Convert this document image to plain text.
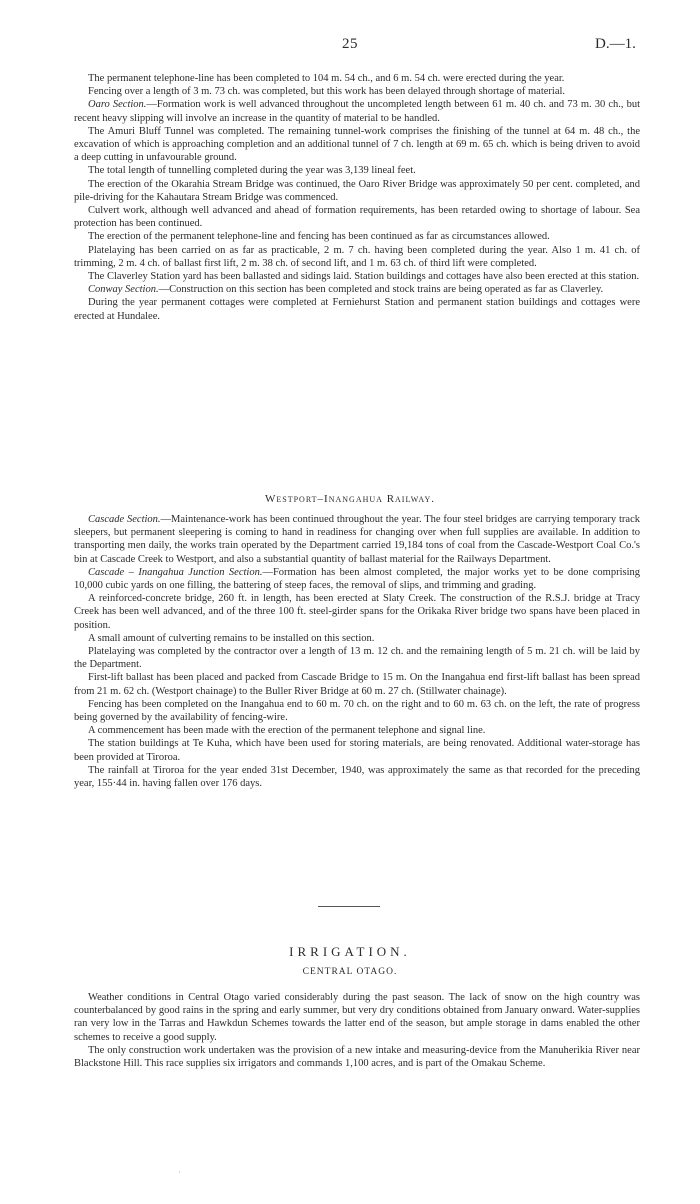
25	D.—1.

The permanent telephone-line has been completed to 104 m. 54 ch., and 6 m. 54 ch. were erected during the year.

Fencing over a length of 3 m. 73 ch. was completed, but this work has been delayed through shortage of material.

Oaro Section.—Formation work is well advanced throughout the uncompleted length between 61 m. 40 ch. and 73 m. 30 ch., but recent heavy slipping will involve an increase in the quantity of material to be handled.

The Amuri Bluff Tunnel was completed. The remaining tunnel-work comprises the finishing of the tunnel at 64 m. 48 ch., the excavation of which is approaching completion and an additional tunnel of 7 ch. length at 69 m. 65 ch. which is being driven to avoid a deep cutting in unfavourable ground.

The total length of tunnelling completed during the year was 3,139 lineal feet.

The erection of the Okarahia Stream Bridge was continued, the Oaro River Bridge was approximately 50 per cent. completed, and pile-driving for the Kahautara Stream Bridge was commenced.

Culvert work, although well advanced and ahead of formation requirements, has been retarded owing to shortage of labour. Sea protection has been continued.

The erection of the permanent telephone-line and fencing has been continued as far as circumstances allowed.

Platelaying has been carried on as far as practicable, 2 m. 7 ch. having been completed during the year. Also 1 m. 41 ch. of trimming, 2 m. 4 ch. of ballast first lift, 2 m. 38 ch. of second lift, and 1 m. 63 ch. of third lift were completed.

The Claverley Station yard has been ballasted and sidings laid. Station buildings and cottages have also been erected at this station.

Conway Section.—Construction on this section has been completed and stock trains are being operated as far as Claverley.

During the year permanent cottages were completed at Ferniehurst Station and permanent station buildings and cottages were erected at Hundalee.

Westport–Inangahua Railway.

Cascade Section.—Maintenance-work has been continued throughout the year. The four steel bridges are carrying temporary track sleepers, but permanent sleepering is coming to hand in readiness for changing over when full supplies are available. In addition to transporting men daily, the works train operated by the Department carried 19,184 tons of coal from the Cascade-Westport Coal Co.'s bin at Cascade Creek to Westport, and also a substantial quantity of ballast material for the Railways Department.

Cascade – Inangahua Junction Section.—Formation has been almost completed, the major works yet to be done comprising 10,000 cubic yards on one filling, the battering of steep faces, the removal of slips, and trimming and grading.

A reinforced-concrete bridge, 260 ft. in length, has been erected at Slaty Creek. The construction of the R.S.J. bridge at Tracy Creek has been well advanced, and of the three 100 ft. steel-girder spans for the Orikaka River bridge two spans have been placed in position.

A small amount of culverting remains to be installed on this section.

Platelaying was completed by the contractor over a length of 13 m. 12 ch. and the remaining length of 5 m. 21 ch. will be laid by the Department.

First-lift ballast has been placed and packed from Cascade Bridge to 15 m. On the Inangahua end first-lift ballast has been spread from 21 m. 62 ch. (Westport chainage) to the Buller River Bridge at 60 m. 27 ch. (Stillwater chainage).

Fencing has been completed on the Inangahua end to 60 m. 70 ch. on the right and to 60 m. 63 ch. on the left, the rate of progress being governed by the availability of fencing-wire.

A commencement has been made with the erection of the permanent telephone and signal line.

The station buildings at Te Kuha, which have been used for storing materials, are being renovated. Additional water-storage has been provided at Tiroroa.

The rainfall at Tiroroa for the year ended 31st December, 1940, was approximately the same as that recorded for the preceding year, 155·44 in. having fallen over 176 days.

IRRIGATION.
CENTRAL OTAGO.

Weather conditions in Central Otago varied considerably during the past season. The lack of snow on the high country was counterbalanced by good rains in the spring and early summer, but very dry conditions obtained from January onward. Water-supplies ran very low in the Tarras and Hawkdun Schemes towards the latter end of the season, but ample storage in dams enabled the other schemes to receive a good supply.

The only construction work undertaken was the provision of a new intake and measuring-device from the Manuherikia River near Blackstone Hill. This race supplies six irrigators and commands 1,100 acres, and is part of the Omakau Scheme.

·
